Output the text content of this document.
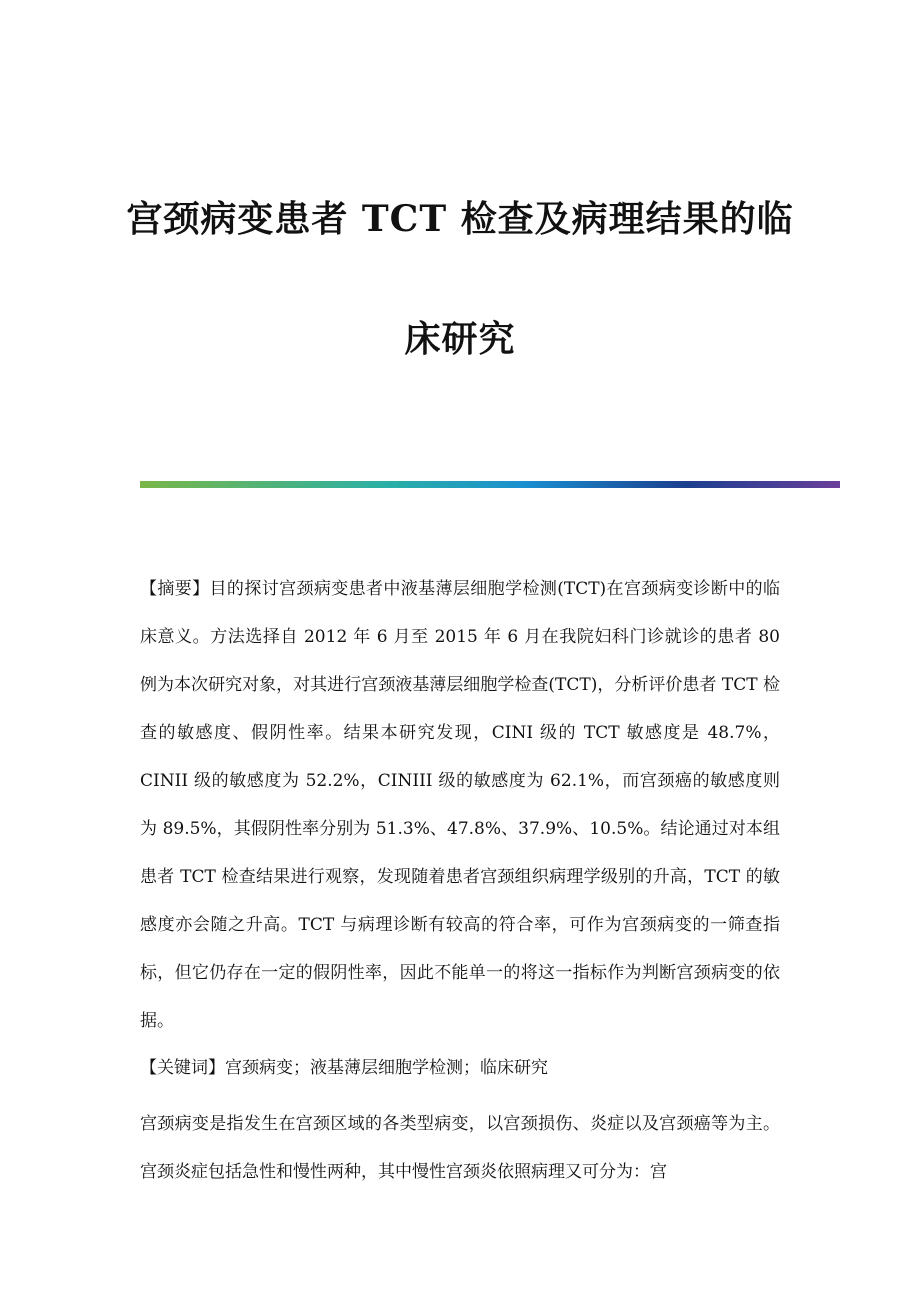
宫颈病变患者 TCT 检查及病理结果的临
床研究

【摘要】目的探讨宫颈病变患者中液基薄层细胞学检测(TCT)在宫颈病变诊断中的临床意义。方法选择自 2012 年 6 月至 2015 年 6 月在我院妇科门诊就诊的患者 80 例为本次研究对象，对其进行宫颈液基薄层细胞学检查(TCT)，分析评价患者 TCT 检查的敏感度、假阴性率。结果本研究发现，CINI 级的 TCT 敏感度是 48.7%，CINII 级的敏感度为 52.2%，CINIII 级的敏感度为 62.1%，而宫颈癌的敏感度则为 89.5%，其假阴性率分别为 51.3%、47.8%、37.9%、10.5%。结论通过对本组患者 TCT 检查结果进行观察，发现随着患者宫颈组织病理学级别的升高，TCT 的敏感度亦会随之升高。TCT 与病理诊断有较高的符合率，可作为宫颈病变的一筛查指标，但它仍存在一定的假阴性率，因此不能单一的将这一指标作为判断宫颈病变的依据。

【关键词】宫颈病变；液基薄层细胞学检测；临床研究

宫颈病变是指发生在宫颈区域的各类型病变，以宫颈损伤、炎症以及宫颈癌等为主。宫颈炎症包括急性和慢性两种，其中慢性宫颈炎依照病理又可分为：宫
